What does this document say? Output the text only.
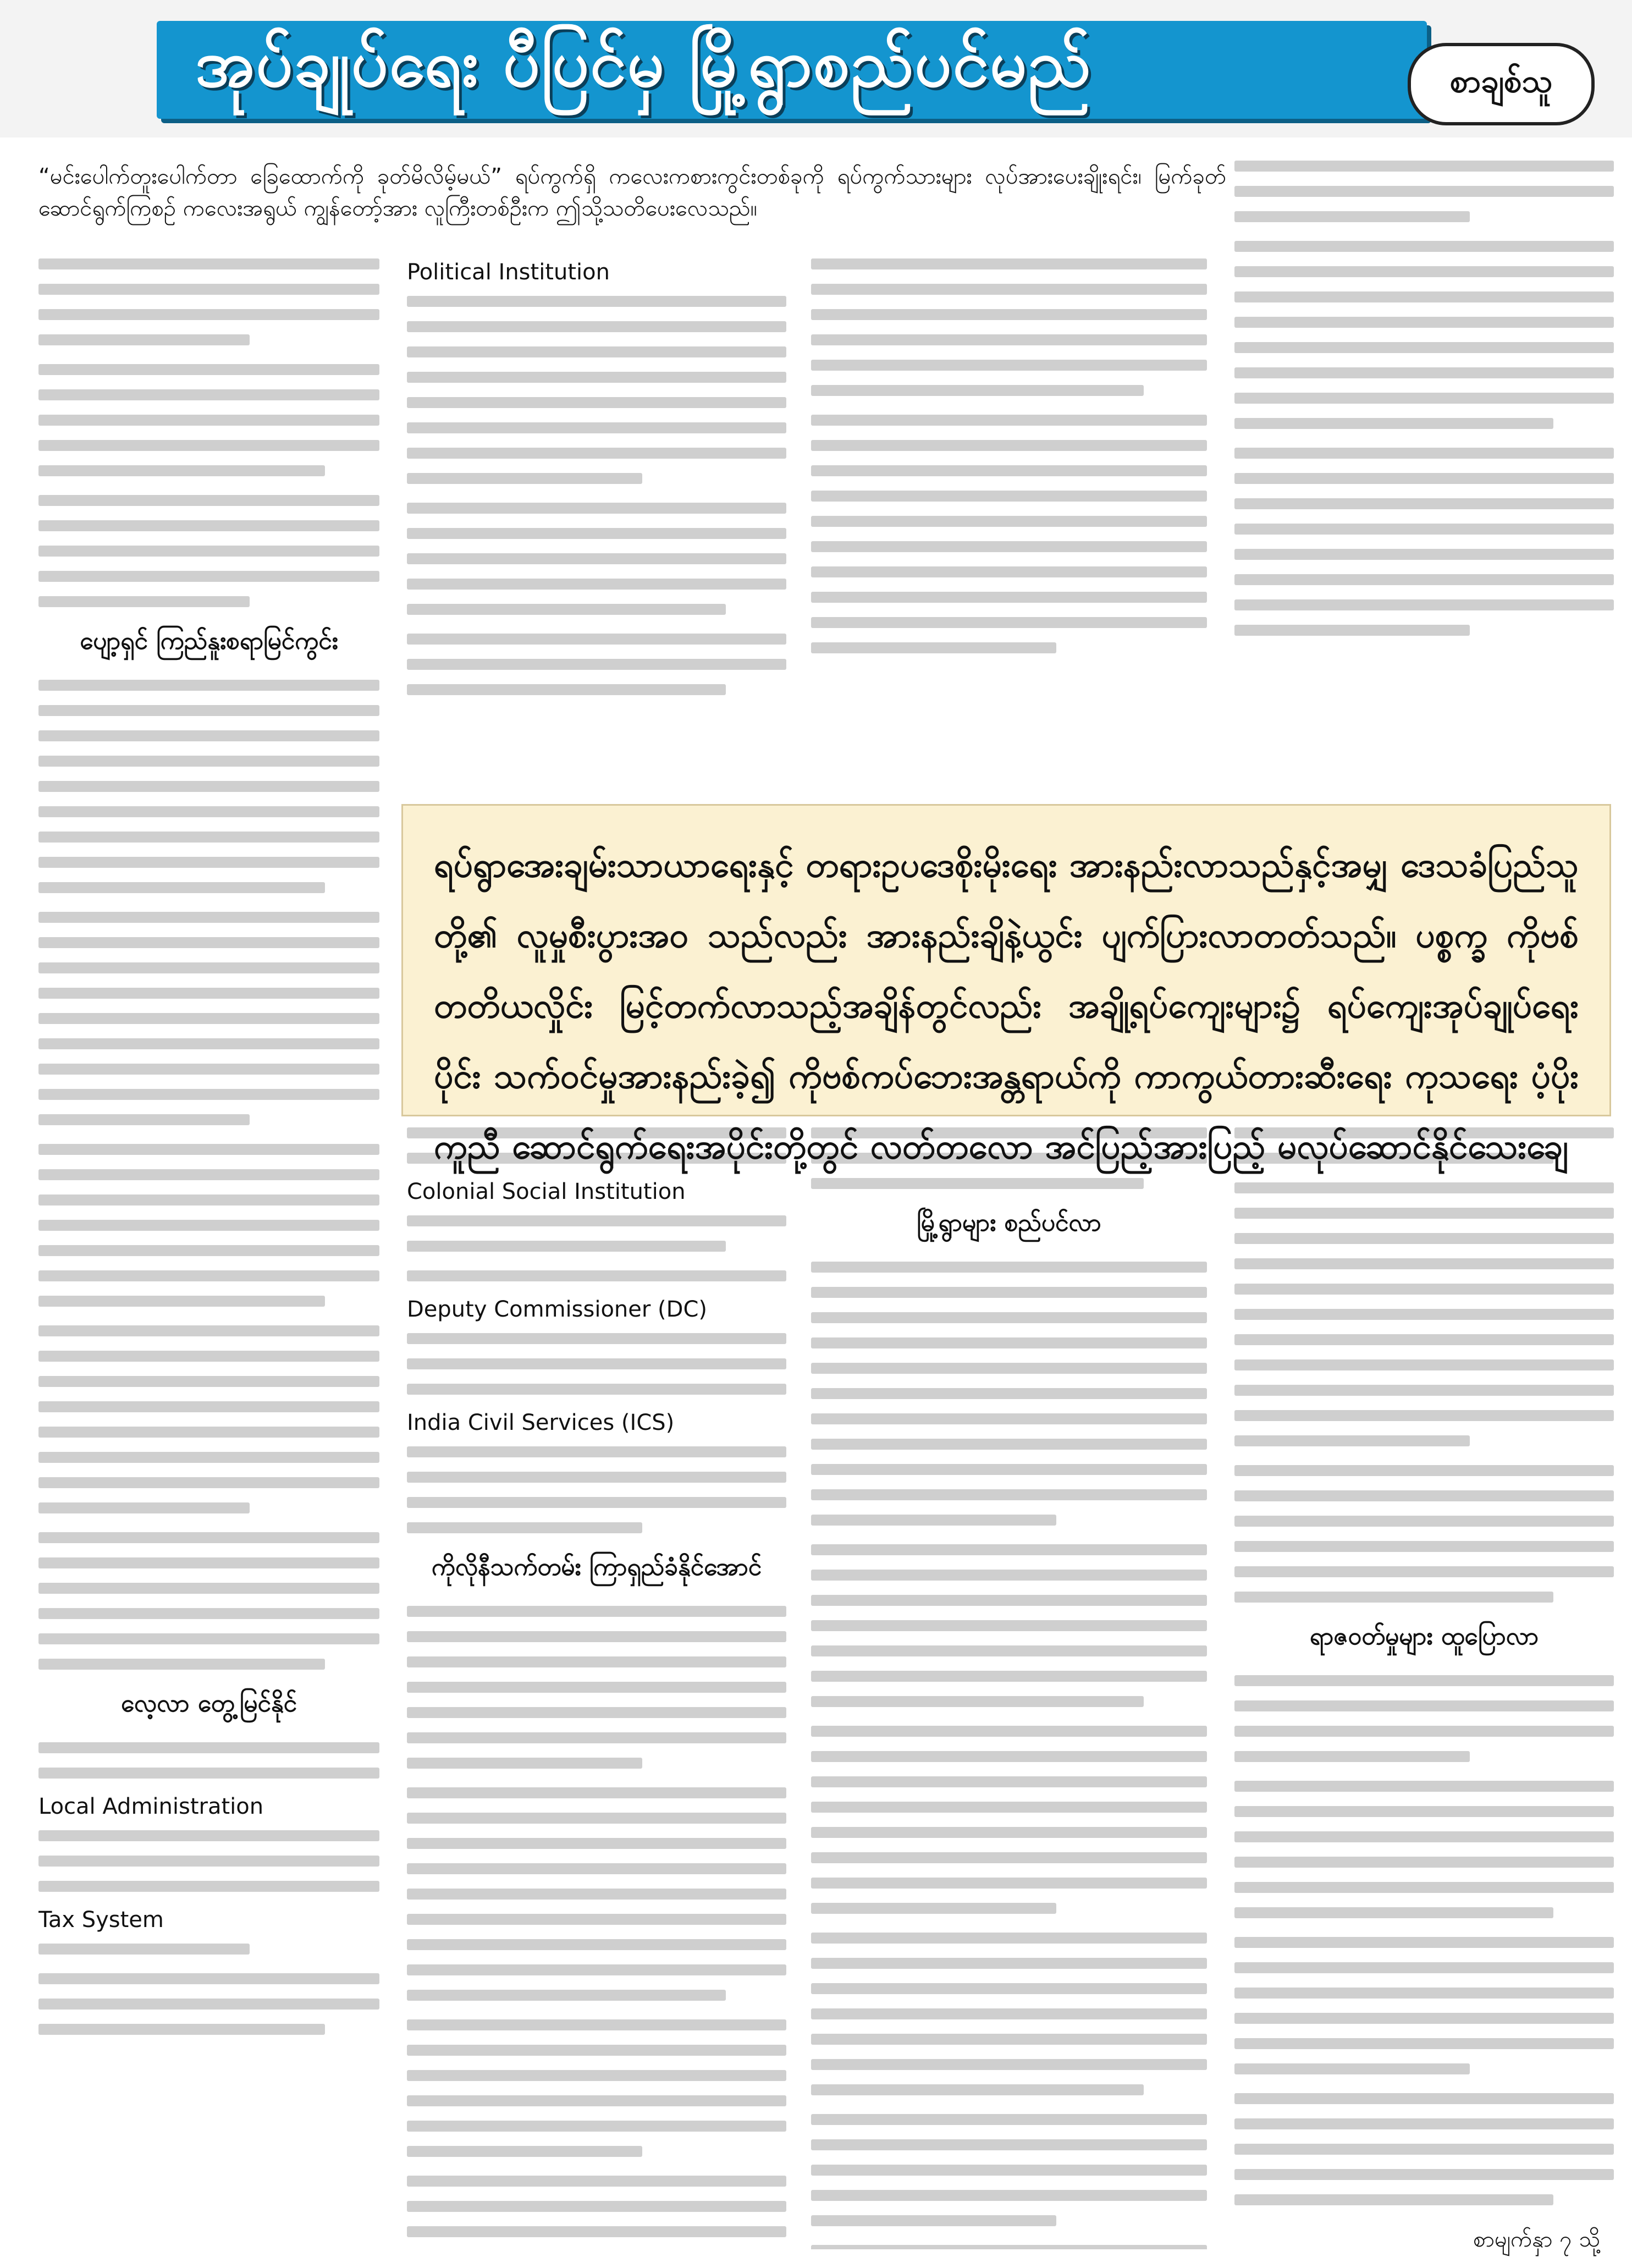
အုပ်ချုပ်ရေး ပီပြင်မှ မြို့ရွာစည်ပင်မည်	စာချစ်သူ

“မင်းပေါက်တူးပေါက်တာ ခြေထောက်ကို ခုတ်မိလိမ့်မယ်” ရပ်ကွက်ရှိ ကလေးကစားကွင်းတစ်ခုကို ရပ်ကွက်သားများ လုပ်အားပေးချိုးရင်း၊ မြက်ခုတ် ဆောင်ရွက်ကြစဉ် ကလေးအရွယ် ကျွန်တော့်အား လူကြီးတစ်ဦးက ဤသို့သတိပေးလေသည်။

ပျော့ရှင် ကြည်နူးစရာမြင်ကွင်း
လေ့လာ တွေ့မြင်နိုင်

Local Administration

Tax System

Political Institution

Colonial Social Institution

Deputy Commissioner (DC)

India Civil Services (ICS)

ကိုလိုနီသက်တမ်း ကြာရှည်ခံနိုင်အောင်
မြို့ရွာများ စည်ပင်လာ
ရာဇ၀တ်မှုများ ထူပြောလာ
ရပ်ရွာအေးချမ်းသာယာရေးနှင့် တရားဥပဒေစိုးမိုးရေး အားနည်းလာသည်နှင့်အမျှ ဒေသခံပြည်သူတို့၏ လူမှုစီးပွားအ၀ သည်လည်း အားနည်းချိနဲ့ယွင်း ပျက်ပြားလာတတ်သည်။ ပစ္စက္ခ ကိုဗစ်တတိယလှိုင်း မြင့်တက်လာသည့်အချိန်တွင်လည်း အချို့ရပ်ကျေးများ၌ ရပ်ကျေးအုပ်ချုပ်ရေးပိုင်း သက်ဝင်မှုအားနည်းခဲ့၍ ကိုဗစ်ကပ်ဘေးအန္တရာယ်ကို ကာကွယ်တားဆီးရေး ကုသရေး ပံ့ပိုးကူညီ ဆောင်ရွက်ရေးအပိုင်းတို့တွင် လတ်တလော အင်ပြည့်အားပြည့် မလုပ်ဆောင်နိုင်သေးချေ
စာမျက်နှာ ၇ သို့
